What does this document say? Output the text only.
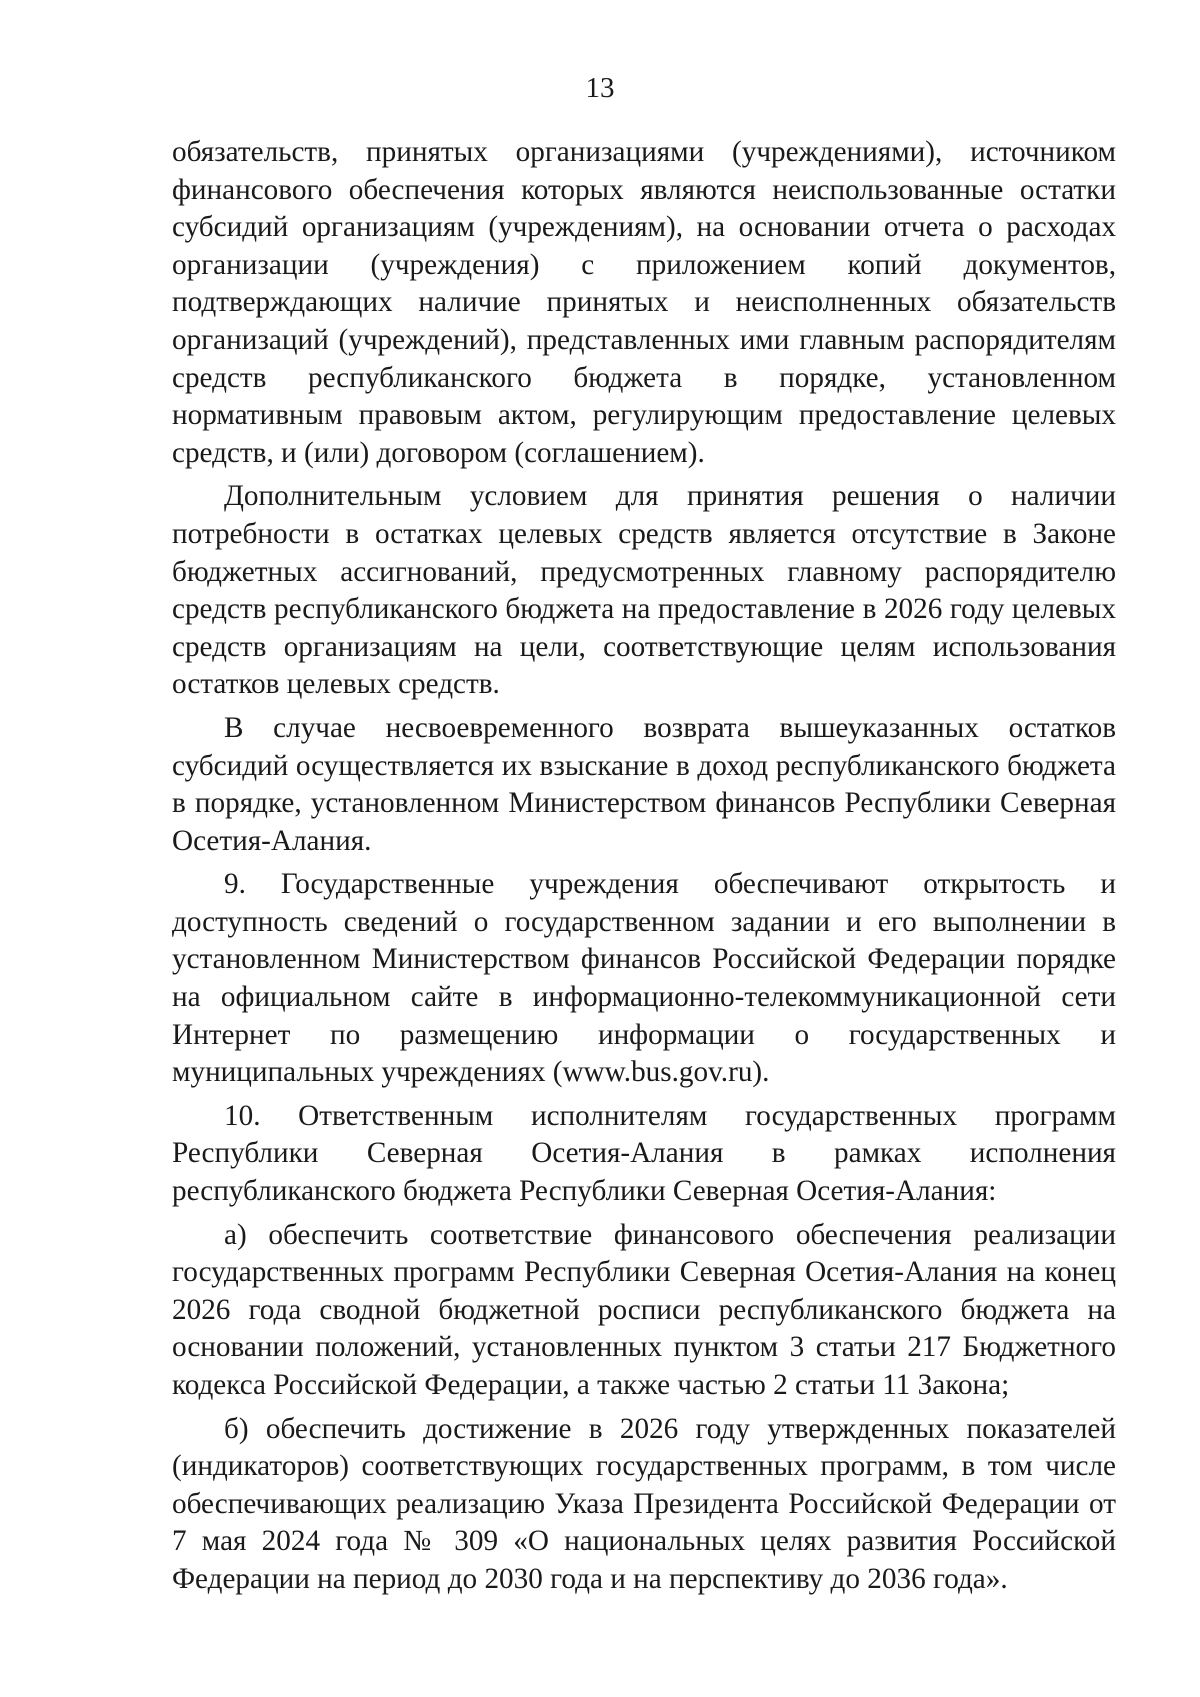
13

обязательств, принятых организациями (учреждениями), источником финансового обеспечения которых являются неиспользованные остатки субсидий организациям (учреждениям), на основании отчета о расходах организации (учреждения) с приложением копий документов, подтверждающих наличие принятых и неисполненных обязательств организаций (учреждений), представленных ими главным распорядителям средств республиканского бюджета в порядке, установленном нормативным правовым актом, регулирующим предоставление целевых средств, и (или) договором (соглашением).

Дополнительным условием для принятия решения о наличии потребности в остатках целевых средств является отсутствие в Законе бюджетных ассигнований, предусмотренных главному распорядителю средств республиканского бюджета на предоставление в 2026 году целевых средств организациям на цели, соответствующие целям использования остатков целевых средств.

В случае несвоевременного возврата вышеуказанных остатков субсидий осуществляется их взыскание в доход республиканского бюджета в порядке, установленном Министерством финансов Республики Северная Осетия-Алания.

9. Государственные учреждения обеспечивают открытость и доступность сведений о государственном задании и его выполнении в установленном Министерством финансов Российской Федерации порядке на официальном сайте в информационно-телекоммуникационной сети Интернет по размещению информации о государственных и муниципальных учреждениях (www.bus.gov.ru).

10. Ответственным исполнителям государственных программ Республики Северная Осетия-Алания в рамках исполнения республиканского бюджета Республики Северная Осетия-Алания:

а) обеспечить соответствие финансового обеспечения реализации государственных программ Республики Северная Осетия-Алания на конец 2026 года сводной бюджетной росписи республиканского бюджета на основании положений, установленных пунктом 3 статьи 217 Бюджетного кодекса Российской Федерации, а также частью 2 статьи 11 Закона;

б) обеспечить достижение в 2026 году утвержденных показателей (индикаторов) соответствующих государственных программ, в том числе обеспечивающих реализацию Указа Президента Российской Федерации от 7 мая 2024 года № 309 «О национальных целях развития Российской Федерации на период до 2030 года и на перспективу до 2036 года».
